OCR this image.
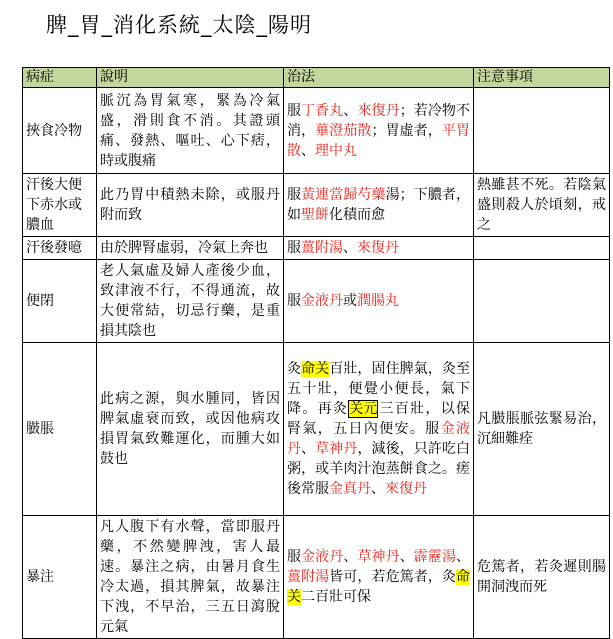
脾_胃_消化系統_太陰_陽明
病症	說明	治法	注意事項
挾食冷物	脈沉為胃氣寒，緊為冷氣盛，滑則食不消。其證頭痛、發熱、嘔吐、心下痞，時或腹痛	服丁香丸、來復丹；若冷物不消，蓽澄茄散；胃虛者，平胃散、理中丸	
汗後大便下赤水或膿血	此乃胃中積熱未除，或服丹附而致	服黃連當歸芍藥湯；下膿者，如聖餅化積而愈	熱雖甚不死。若陰氣盛則殺人於頃刻，戒之
汗後發噫	由於脾腎虛弱，冷氣上奔也	服薑附湯、來復丹	
便閉	老人氣虛及婦人產後少血，致津液不行，不得通流，故大便常結，切忌行藥，是重損其陰也	服金液丹或潤腸丸	
臌脹	此病之源，與水腫同，皆因脾氣虛衰而致，或因他病攻損胃氣致難運化，而腫大如鼓也	灸命关百壯，固住脾氣，灸至五十壯，便覺小便長，氣下降。再灸关元三百壯，以保腎氣，五日內便安。服金液丹、草神丹，減後，只許吃白粥，或羊肉汁泡蒸餅食之。瘥後常服金真丹、來復丹	凡臌脹脈弦緊易治，沉細難痊
暴注	凡人腹下有水聲，當即服丹藥，不然變脾洩，害人最速。暴注之病，由暑月食生冷太過，損其脾氣，故暴注下洩，不早治，三五日瀉脫元氣	服金液丹、草神丹、霹靂湯、薑附湯皆可，若危篤者，灸命关二百壯可保	危篤者，若灸遲則腸開洞洩而死
